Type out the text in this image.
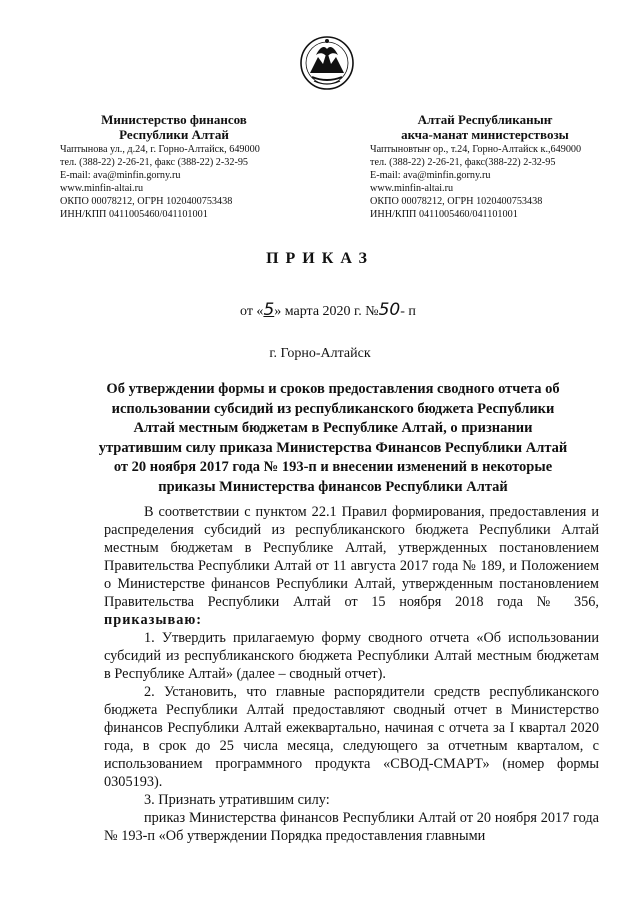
Министерство финансов
Республики Алтай
Чаптынова ул., д.24, г. Горно-Алтайск, 649000
тел. (388-22) 2-26-21, факс (388-22) 2-32-95
E-mail: ava@minfin.gorny.ru
www.minfin-altai.ru
ОКПО 00078212, ОГРН 1020400753438
ИНН/КПП 0411005460/041101001
Алтай Республиканыҥ
акча-манат министерствозы
Чаптыновтыҥ ор., т.24, Горно-Алтайск к.,649000
тел. (388-22) 2-26-21, факс(388-22) 2-32-95
E-mail: ava@minfin.gorny.ru
www.minfin-altai.ru
ОКПО 00078212, ОГРН 1020400753438
ИНН/КПП 0411005460/041101001
ПРИКАЗ
от «5» марта 2020 г. №50- п
г. Горно-Алтайск
Об утверждении формы и сроков предоставления сводного отчета об использовании субсидий из республиканского бюджета Республики Алтай местным бюджетам в Республике Алтай, о признании утратившим силу приказа Министерства Финансов Республики Алтай от 20 ноября 2017 года № 193-п и внесении изменений в некоторые приказы Министерства финансов Республики Алтай

В соответствии с пунктом 22.1 Правил формирования, предоставления и распределения субсидий из республиканского бюджета Республики Алтай местным бюджетам в Республике Алтай, утвержденных постановлением Правительства Республики Алтай от 11 августа 2017 года № 189, и Положением о Министерстве финансов Республики Алтай, утвержденным постановлением Правительства Республики Алтай от 15 ноября 2018 года № 356, приказываю:

1. Утвердить прилагаемую форму сводного отчета «Об использовании субсидий из республиканского бюджета Республики Алтай местным бюджетам в Республике Алтай» (далее – сводный отчет).

2. Установить, что главные распорядители средств республиканского бюджета Республики Алтай предоставляют сводный отчет в Министерство финансов Республики Алтай ежеквартально, начиная с отчета за I квартал 2020 года, в срок до 25 числа месяца, следующего за отчетным кварталом, с использованием программного продукта «СВОД-СМАРТ» (номер формы 0305193).

3. Признать утратившим силу:

приказ Министерства финансов Республики Алтай от 20 ноября 2017 года № 193-п «Об утверждении Порядка предоставления главными
